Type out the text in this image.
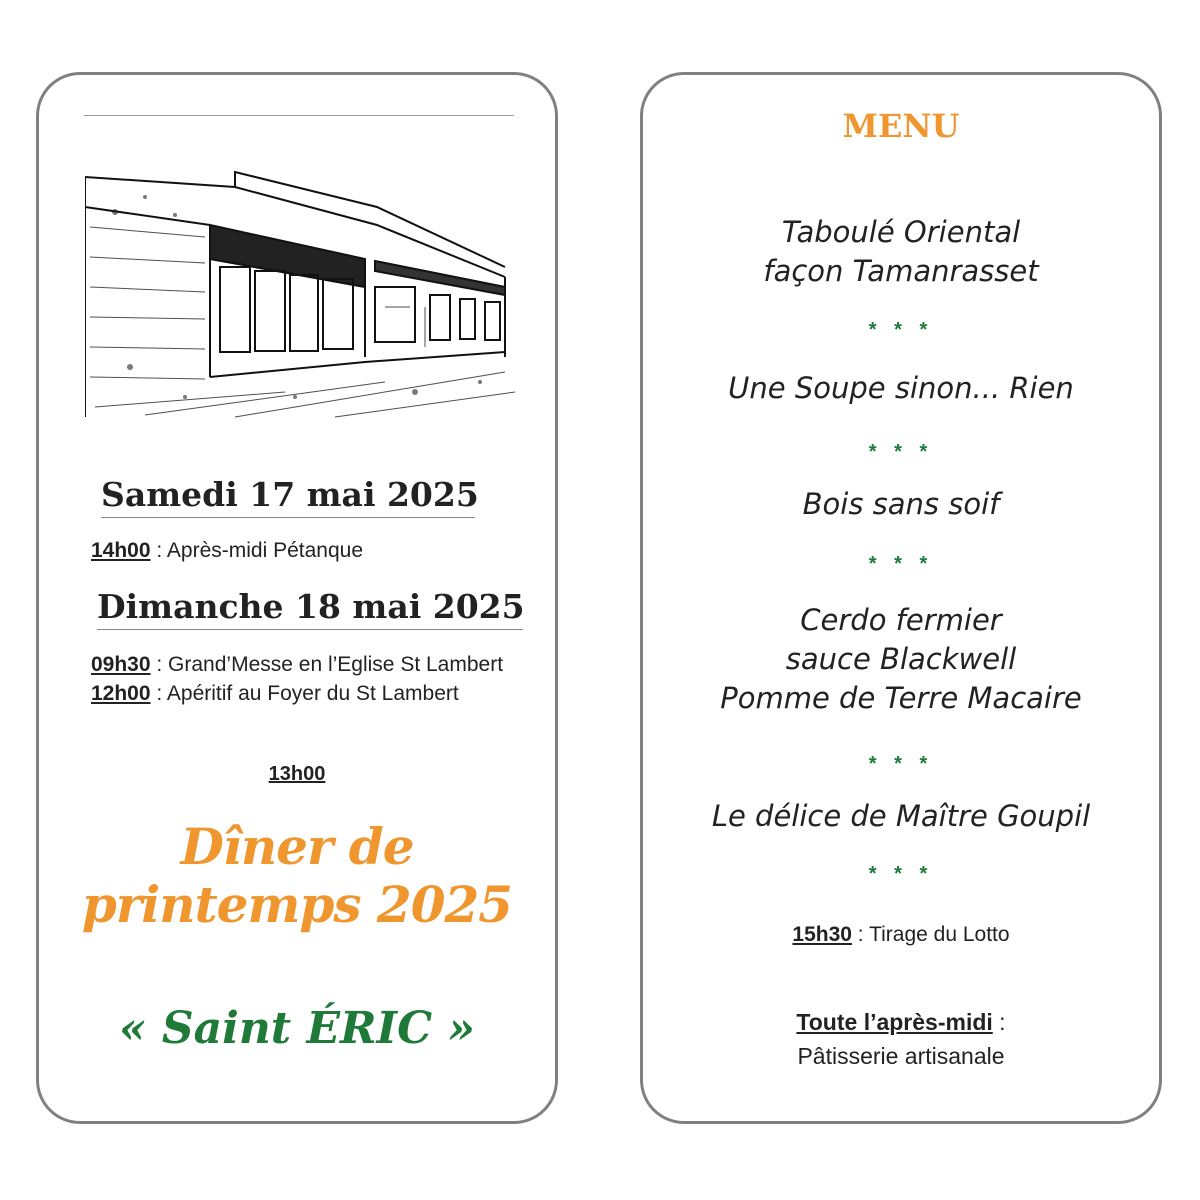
Samedi 17 mai 2025
14h00 : Après-midi Pétanque
Dimanche 18 mai 2025
09h30 : Grand’Messe en l’Eglise St Lambert
12h00 : Apéritif au Foyer du St Lambert
13h00
Dîner de
printemps 2025
« Saint ÉRIC »
MENU
Taboulé Oriental
façon Tamanrasset
* * *
Une Soupe sinon... Rien
* * *
Bois sans soif
* * *
Cerdo fermier
sauce Blackwell
Pomme de Terre Macaire
* * *
Le délice de Maître Goupil
* * *
15h30 : Tirage du Lotto
Toute l’après-midi :
Pâtisserie artisanale
